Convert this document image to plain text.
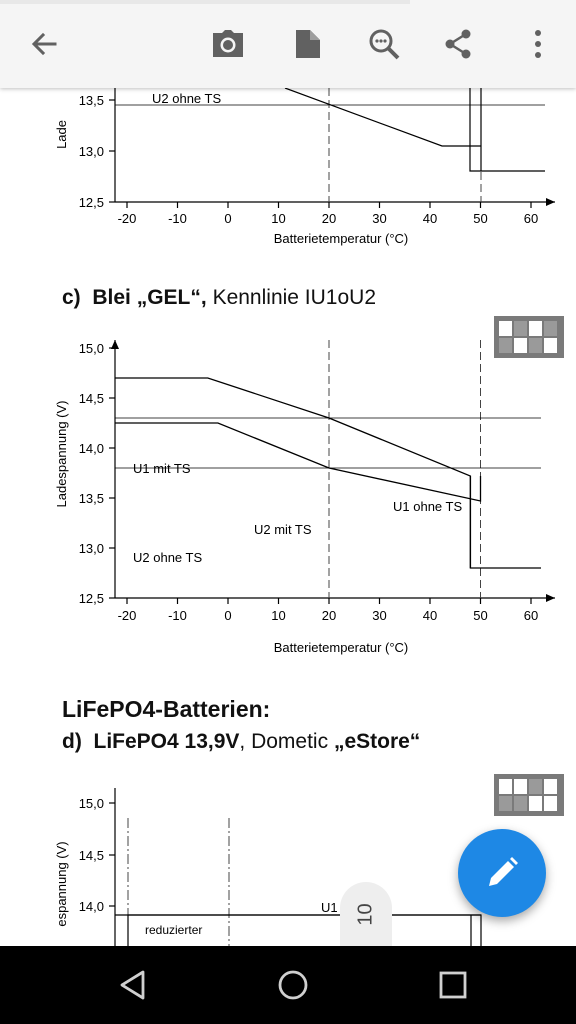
Lade
13,5
13,0
12,5
-20 -10	0	10	20	30	40	50	60
Batterietemperatur (°C)
U2 ohne TS
c) Blei „GEL“, Kennlinie IU1oU2
15,0
14,5
14,0
13,5
13,0
12,5
-20 -10	0	10	20	30	40	50	60
U1 mit TS
U1 ohne TS
U2 mit TS
U2 ohne TS
Ladespannung (V)
Batterietemperatur (°C)
LiFePO4-Batterien:
d) LiFePO4 13,9V, Dometic „eStore“
15,0
14,5
14,0
espannung (V)	U1
reduzierter
10
